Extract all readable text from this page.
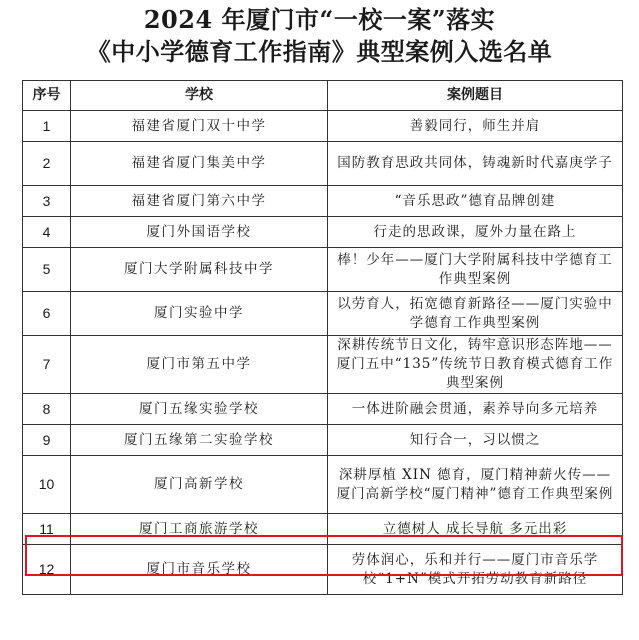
2024 年厦门市“一校一案”落实
《中小学德育工作指南》典型案例入选名单
序号	学校	案例题目
1	福建省厦门双十中学	善毅同行，师生并肩
2	福建省厦门集美中学	国防教育思政共同体，铸魂新时代嘉庚学子
3	福建省厦门第六中学	“音乐思政”德育品牌创建
4	厦门外国语学校	行走的思政课，厦外力量在路上
5	厦门大学附属科技中学	棒！少年——厦门大学附属科技中学德育工作典型案例
6	厦门实验中学	以劳育人，拓宽德育新路径——厦门实验中学德育工作典型案例
7	厦门市第五中学	深耕传统节日文化，铸牢意识形态阵地——厦门五中“135”传统节日教育模式德育工作典型案例
8	厦门五缘实验学校	一体进阶融会贯通，素养导向多元培养
9	厦门五缘第二实验学校	知行合一，习以惯之
10	厦门高新学校	深耕厚植 XIN 德育，厦门精神薪火传——厦门高新学校“厦门精神”德育工作典型案例
11	厦门工商旅游学校	立德树人 成长导航 多元出彩
12	厦门市音乐学校	劳体润心，乐和并行——厦门市音乐学校“1+N”模式开拓劳动教育新路径
